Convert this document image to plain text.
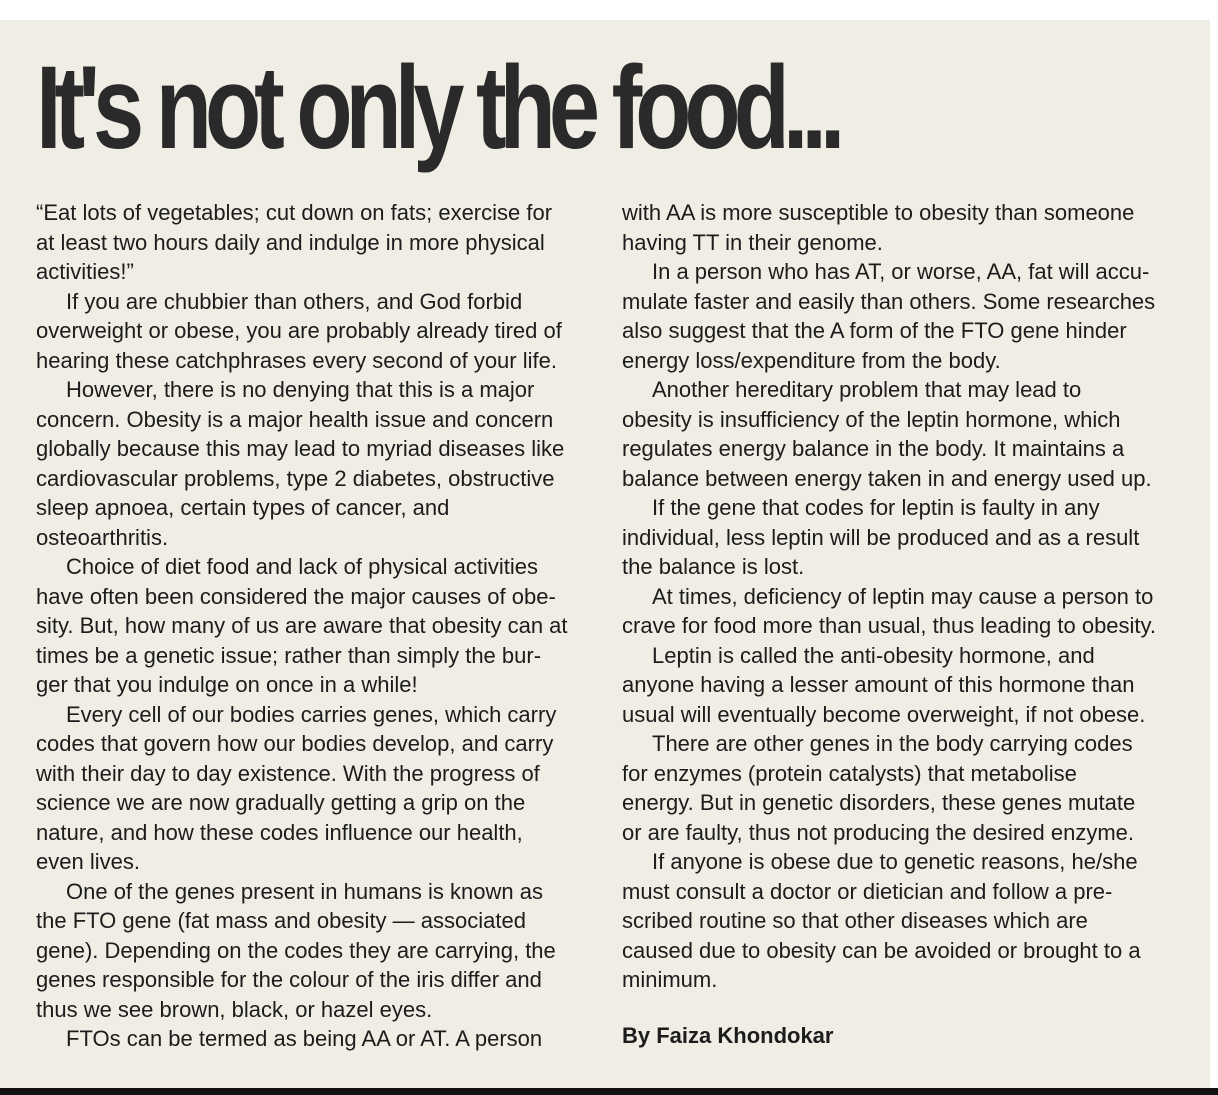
It's not only the food...
“Eat lots of vegetables; cut down on fats; exercise for
at least two hours daily and indulge in more physical
activities!”
If you are chubbier than others, and God forbid
overweight or obese, you are probably already tired of
hearing these catchphrases every second of your life.
However, there is no denying that this is a major
concern. Obesity is a major health issue and concern
globally because this may lead to myriad diseases like
cardiovascular problems, type 2 diabetes, obstructive
sleep apnoea, certain types of cancer, and
osteoarthritis.
Choice of diet food and lack of physical activities
have often been considered the major causes of obe-
sity. But, how many of us are aware that obesity can at
times be a genetic issue; rather than simply the bur-
ger that you indulge on once in a while!
Every cell of our bodies carries genes, which carry
codes that govern how our bodies develop, and carry
with their day to day existence. With the progress of
science we are now gradually getting a grip on the
nature, and how these codes influence our health,
even lives.
One of the genes present in humans is known as
the FTO gene (fat mass and obesity — associated
gene). Depending on the codes they are carrying, the
genes responsible for the colour of the iris differ and
thus we see brown, black, or hazel eyes.
FTOs can be termed as being AA or AT. A person
with AA is more susceptible to obesity than someone
having TT in their genome.
In a person who has AT, or worse, AA, fat will accu-
mulate faster and easily than others. Some researches
also suggest that the A form of the FTO gene hinder
energy loss/expenditure from the body.
Another hereditary problem that may lead to
obesity is insufficiency of the leptin hormone, which
regulates energy balance in the body. It maintains a
balance between energy taken in and energy used up.
If the gene that codes for leptin is faulty in any
individual, less leptin will be produced and as a result
the balance is lost.
At times, deficiency of leptin may cause a person to
crave for food more than usual, thus leading to obesity.
Leptin is called the anti-obesity hormone, and
anyone having a lesser amount of this hormone than
usual will eventually become overweight, if not obese.
There are other genes in the body carrying codes
for enzymes (protein catalysts) that metabolise
energy. But in genetic disorders, these genes mutate
or are faulty, thus not producing the desired enzyme.
If anyone is obese due to genetic reasons, he/she
must consult a doctor or dietician and follow a pre-
scribed routine so that other diseases which are
caused due to obesity can be avoided or brought to a
minimum.
By Faiza Khondokar
